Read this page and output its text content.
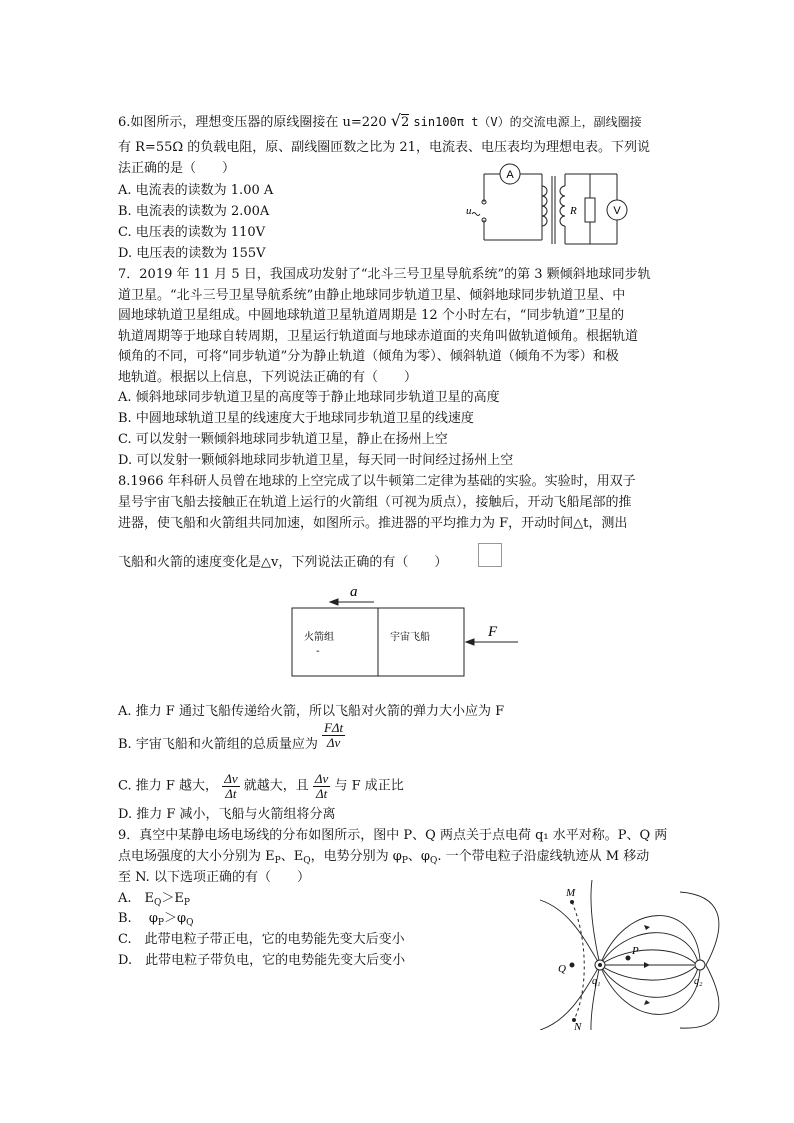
6.如图所示，理想变压器的原线圈接在 u=220 √2 sin100π t（V）的交流电源上，副线圈接
有 R=55Ω 的负载电阻，原、副线圈匝数之比为 21，电流表、电压表均为理想电表。下列说
法正确的是（　　）
A. 电流表的读数为 1.00 A
B. 电流表的读数为 2.00A
C. 电压表的读数为 110V
D. 电压表的读数为 155V
A
V
u	R
7．2019 年 11 月 5 日，我国成功发射了“北斗三号卫星导航系统”的第 3 颗倾斜地球同步轨
道卫星。“北斗三号卫星导航系统”由静止地球同步轨道卫星、倾斜地球同步轨道卫星、中
圆地球轨道卫星组成。中圆地球轨道卫星轨道周期是 12 个小时左右，“同步轨道”卫星的
轨道周期等于地球自转周期，卫星运行轨道面与地球赤道面的夹角叫做轨道倾角。根据轨道
倾角的不同，可将“同步轨道”分为静止轨道（倾角为零）、倾斜轨道（倾角不为零）和极
地轨道。根据以上信息，下列说法正确的有（　　）
A. 倾斜地球同步轨道卫星的高度等于静止地球同步轨道卫星的高度
B. 中圆地球轨道卫星的线速度大于地球同步轨道卫星的线速度
C. 可以发射一颗倾斜地球同步轨道卫星，静止在扬州上空
D. 可以发射一颗倾斜地球同步轨道卫星，每天同一时间经过扬州上空
8.1966 年科研人员曾在地球的上空完成了以牛顿第二定律为基础的实验。实验时，用双子
星号宇宙飞船去接触正在轨道上运行的火箭组（可视为质点），接触后，开动飞船尾部的推
进器，使飞船和火箭组共同加速，如图所示。推进器的平均推力为 F，开动时间△t，测出
飞船和火箭的速度变化是△v，下列说法正确的有（　　）
a
F
火箭组
-
宇宙飞船
A. 推力 F 通过飞船传递给火箭，所以飞船对火箭的弹力大小应为 F
B. 宇宙飞船和火箭组的总质量应为 $\frac{\text{FΔt}}{\Delta v}$
C. 推力 F 越大， $\frac{\Delta v}{\Delta t}$ 就越大，且 $\frac{\Delta v}{\Delta t}$ 与 F 成正比
D. 推力 F 减小，飞船与火箭组将分离
9．真空中某静电场电场线的分布如图所示，图中 P、Q 两点关于点电荷 q₁ 水平对称。P、Q 两
点电场强度的大小分别为 $E_P$、$E_Q$，电势分别为 $\varphi_P$、$\varphi_Q$. 一个带电粒子沿虚线轨迹从 M 移动
至 N. 以下选项正确的有（　　）
A.　$E_Q>E_P$
B.　 $\varphi_P>\varphi_Q$
C.　此带电粒子带正电，它的电势能先变大后变小
D.　此带电粒子带负电，它的电势能先变大后变小
M
N
P
Q
q₁	q₂
